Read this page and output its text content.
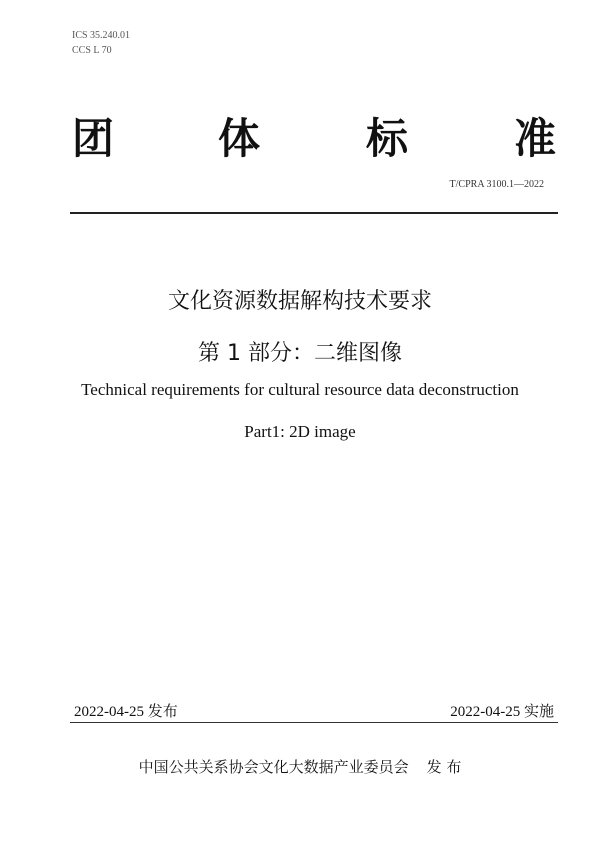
ICS 35.240.01
CCS L 70
团 体	标	准
T/CPRA 3100.1—2022
文化资源数据解构技术要求
第 1 部分：二维图像
Technical requirements for cultural resource data deconstruction
Part1: 2D image
2022-04-25 发布	2022-04-25 实施
中国公共关系协会文化大数据产业委员会 发 布
